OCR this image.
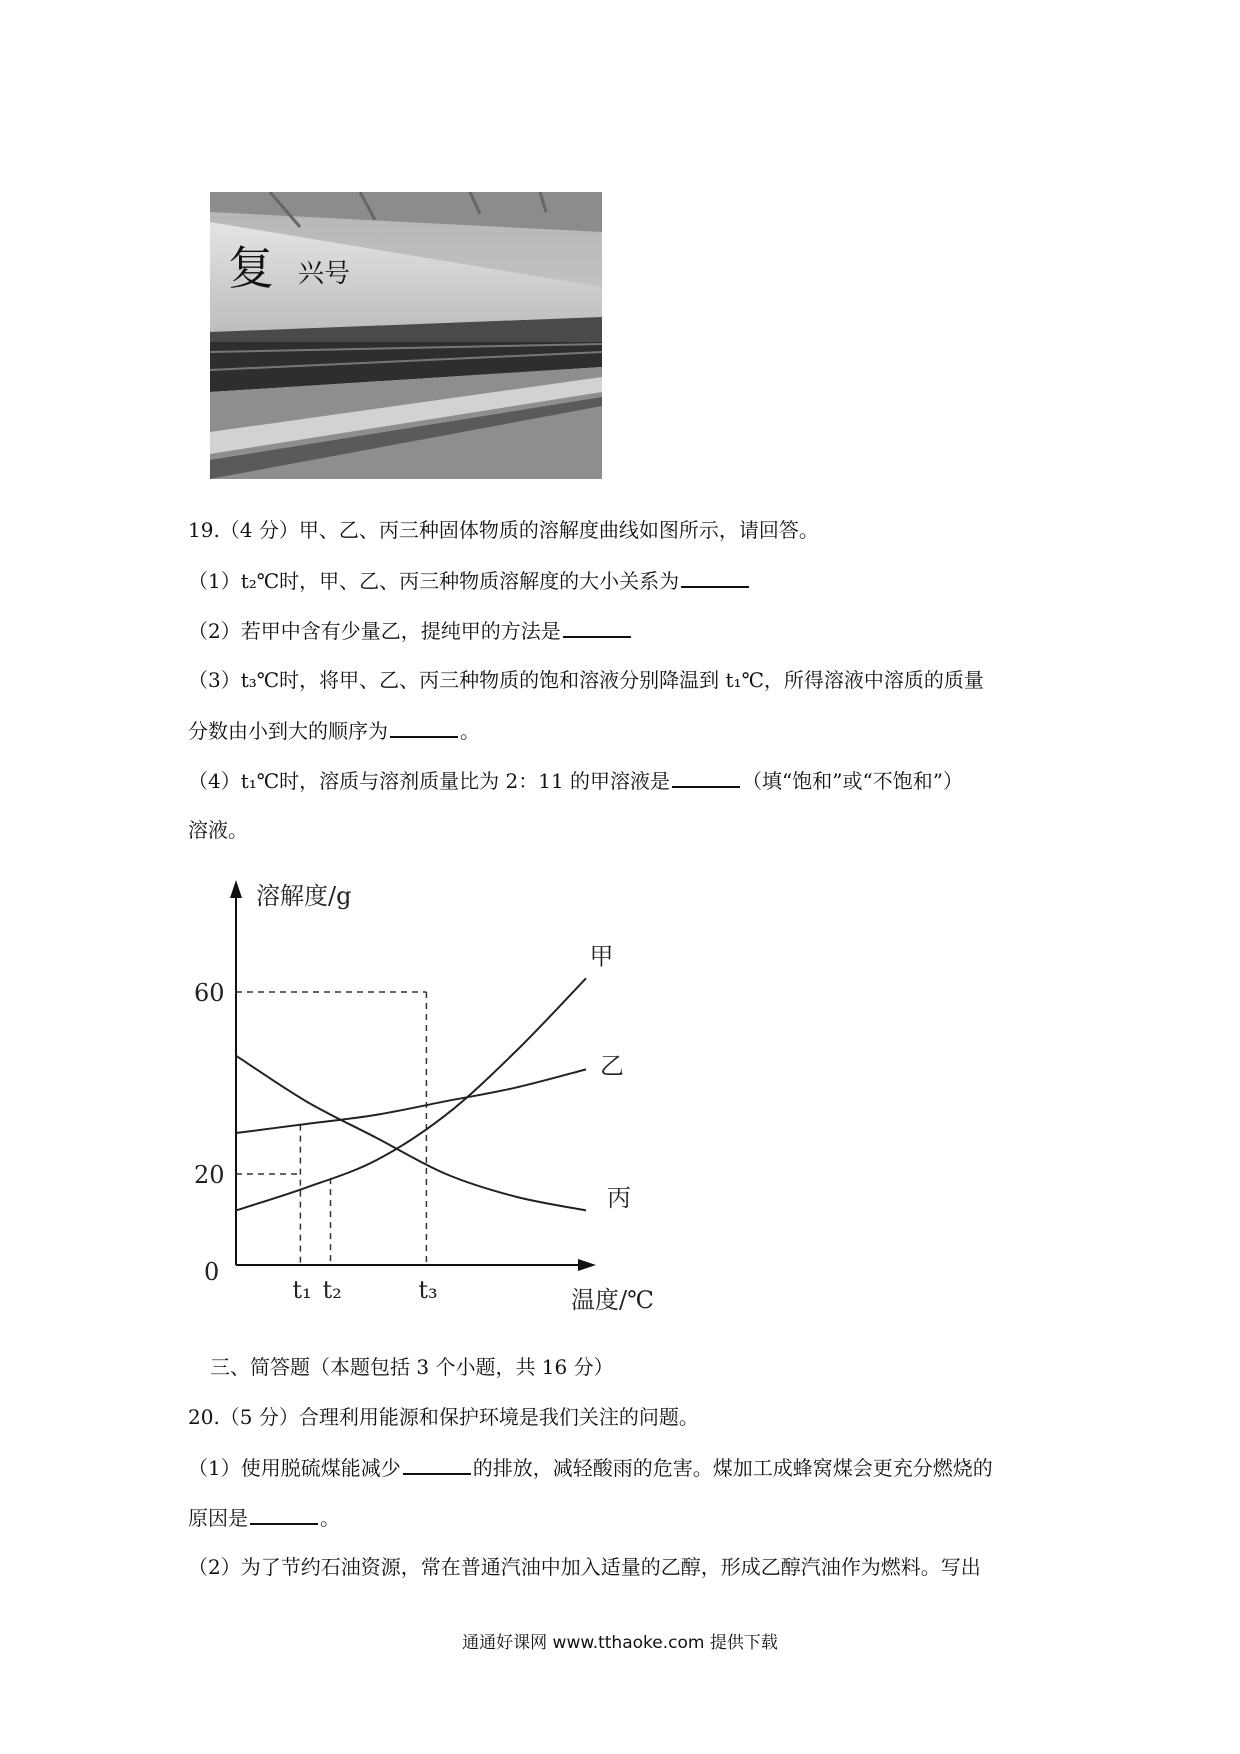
复 兴号
19.（4 分）甲、乙、丙三种固体物质的溶解度曲线如图所示，请回答。
（1）t₂℃时，甲、乙、丙三种物质溶解度的大小关系为
（2）若甲中含有少量乙，提纯甲的方法是
（3）t₃℃时，将甲、乙、丙三种物质的饱和溶液分别降温到 t₁℃，所得溶液中溶质的质量
分数由小到大的顺序为	。
（4）t₁℃时，溶质与溶剂质量比为 2：11 的甲溶液是	（填“饱和”或“不饱和”）
溶液。
溶解度/g
温度/℃
0
60
20
t₁ t₂	t₃
甲
乙
丙
三、简答题（本题包括 3 个小题，共 16 分）
20.（5 分）合理利用能源和保护环境是我们关注的问题。
（1）使用脱硫煤能减少	的排放，减轻酸雨的危害。煤加工成蜂窝煤会更充分燃烧的
原因是	。
（2）为了节约石油资源，常在普通汽油中加入适量的乙醇，形成乙醇汽油作为燃料。写出
通通好课网 www.tthaoke.com 提供下载
